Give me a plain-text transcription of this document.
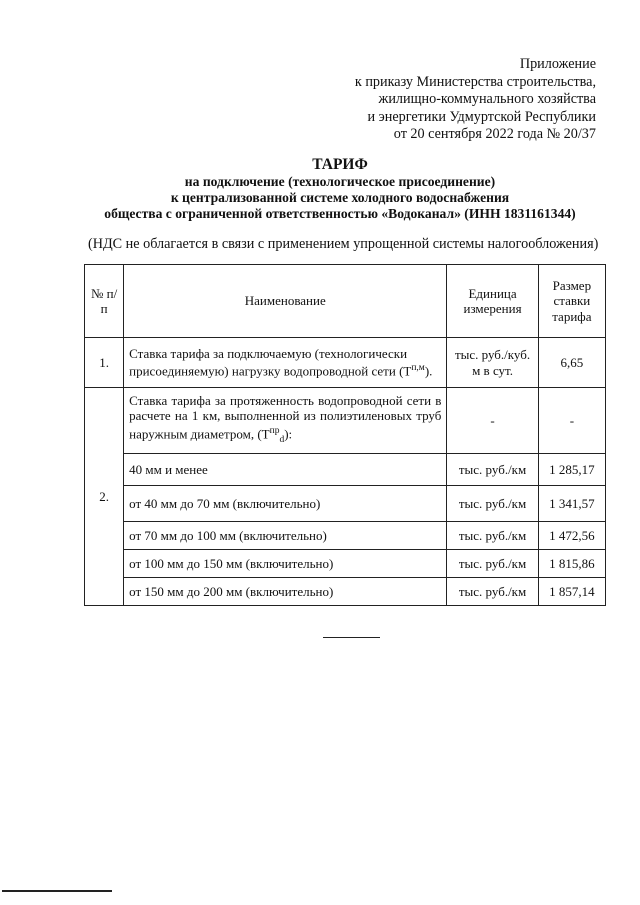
Приложение
к приказу Министерства строительства,
жилищно-коммунального хозяйства
и энергетики Удмуртской Республики
от 20 сентября 2022 года № 20/37
ТАРИФ
на подключение (технологическое присоединение)
к централизованной системе холодного водоснабжения
общества с ограниченной ответственностью «Водоканал» (ИНН 1831161344)
(НДС не облагается в связи с применением упрощенной системы налогообложения)
№ п/п	Наименование	Единица измерения	Размер ставки тарифа
1.	Ставка тарифа за подключаемую (технологически присоединяемую) нагрузку водопроводной сети $(Т^{п,м})$.	тыс. руб./куб. м в сут.	6,65
2.	Ставка тарифа за протяженность водопроводной сети в расчете на 1 км, выполненной из полиэтиленовых труб наружным диаметром, $(Т^{пр}_d)$:	-	-
	40 мм и менее	тыс. руб./км	1 285,17
	от 40 мм до 70 мм (включительно)	тыс. руб./км	1 341,57
	от 70 мм до 100 мм (включительно)	тыс. руб./км	1 472,56
	от 100 мм до 150 мм (включительно)	тыс. руб./км	1 815,86
	от 150 мм до 200 мм (включительно)	тыс. руб./км	1 857,14
